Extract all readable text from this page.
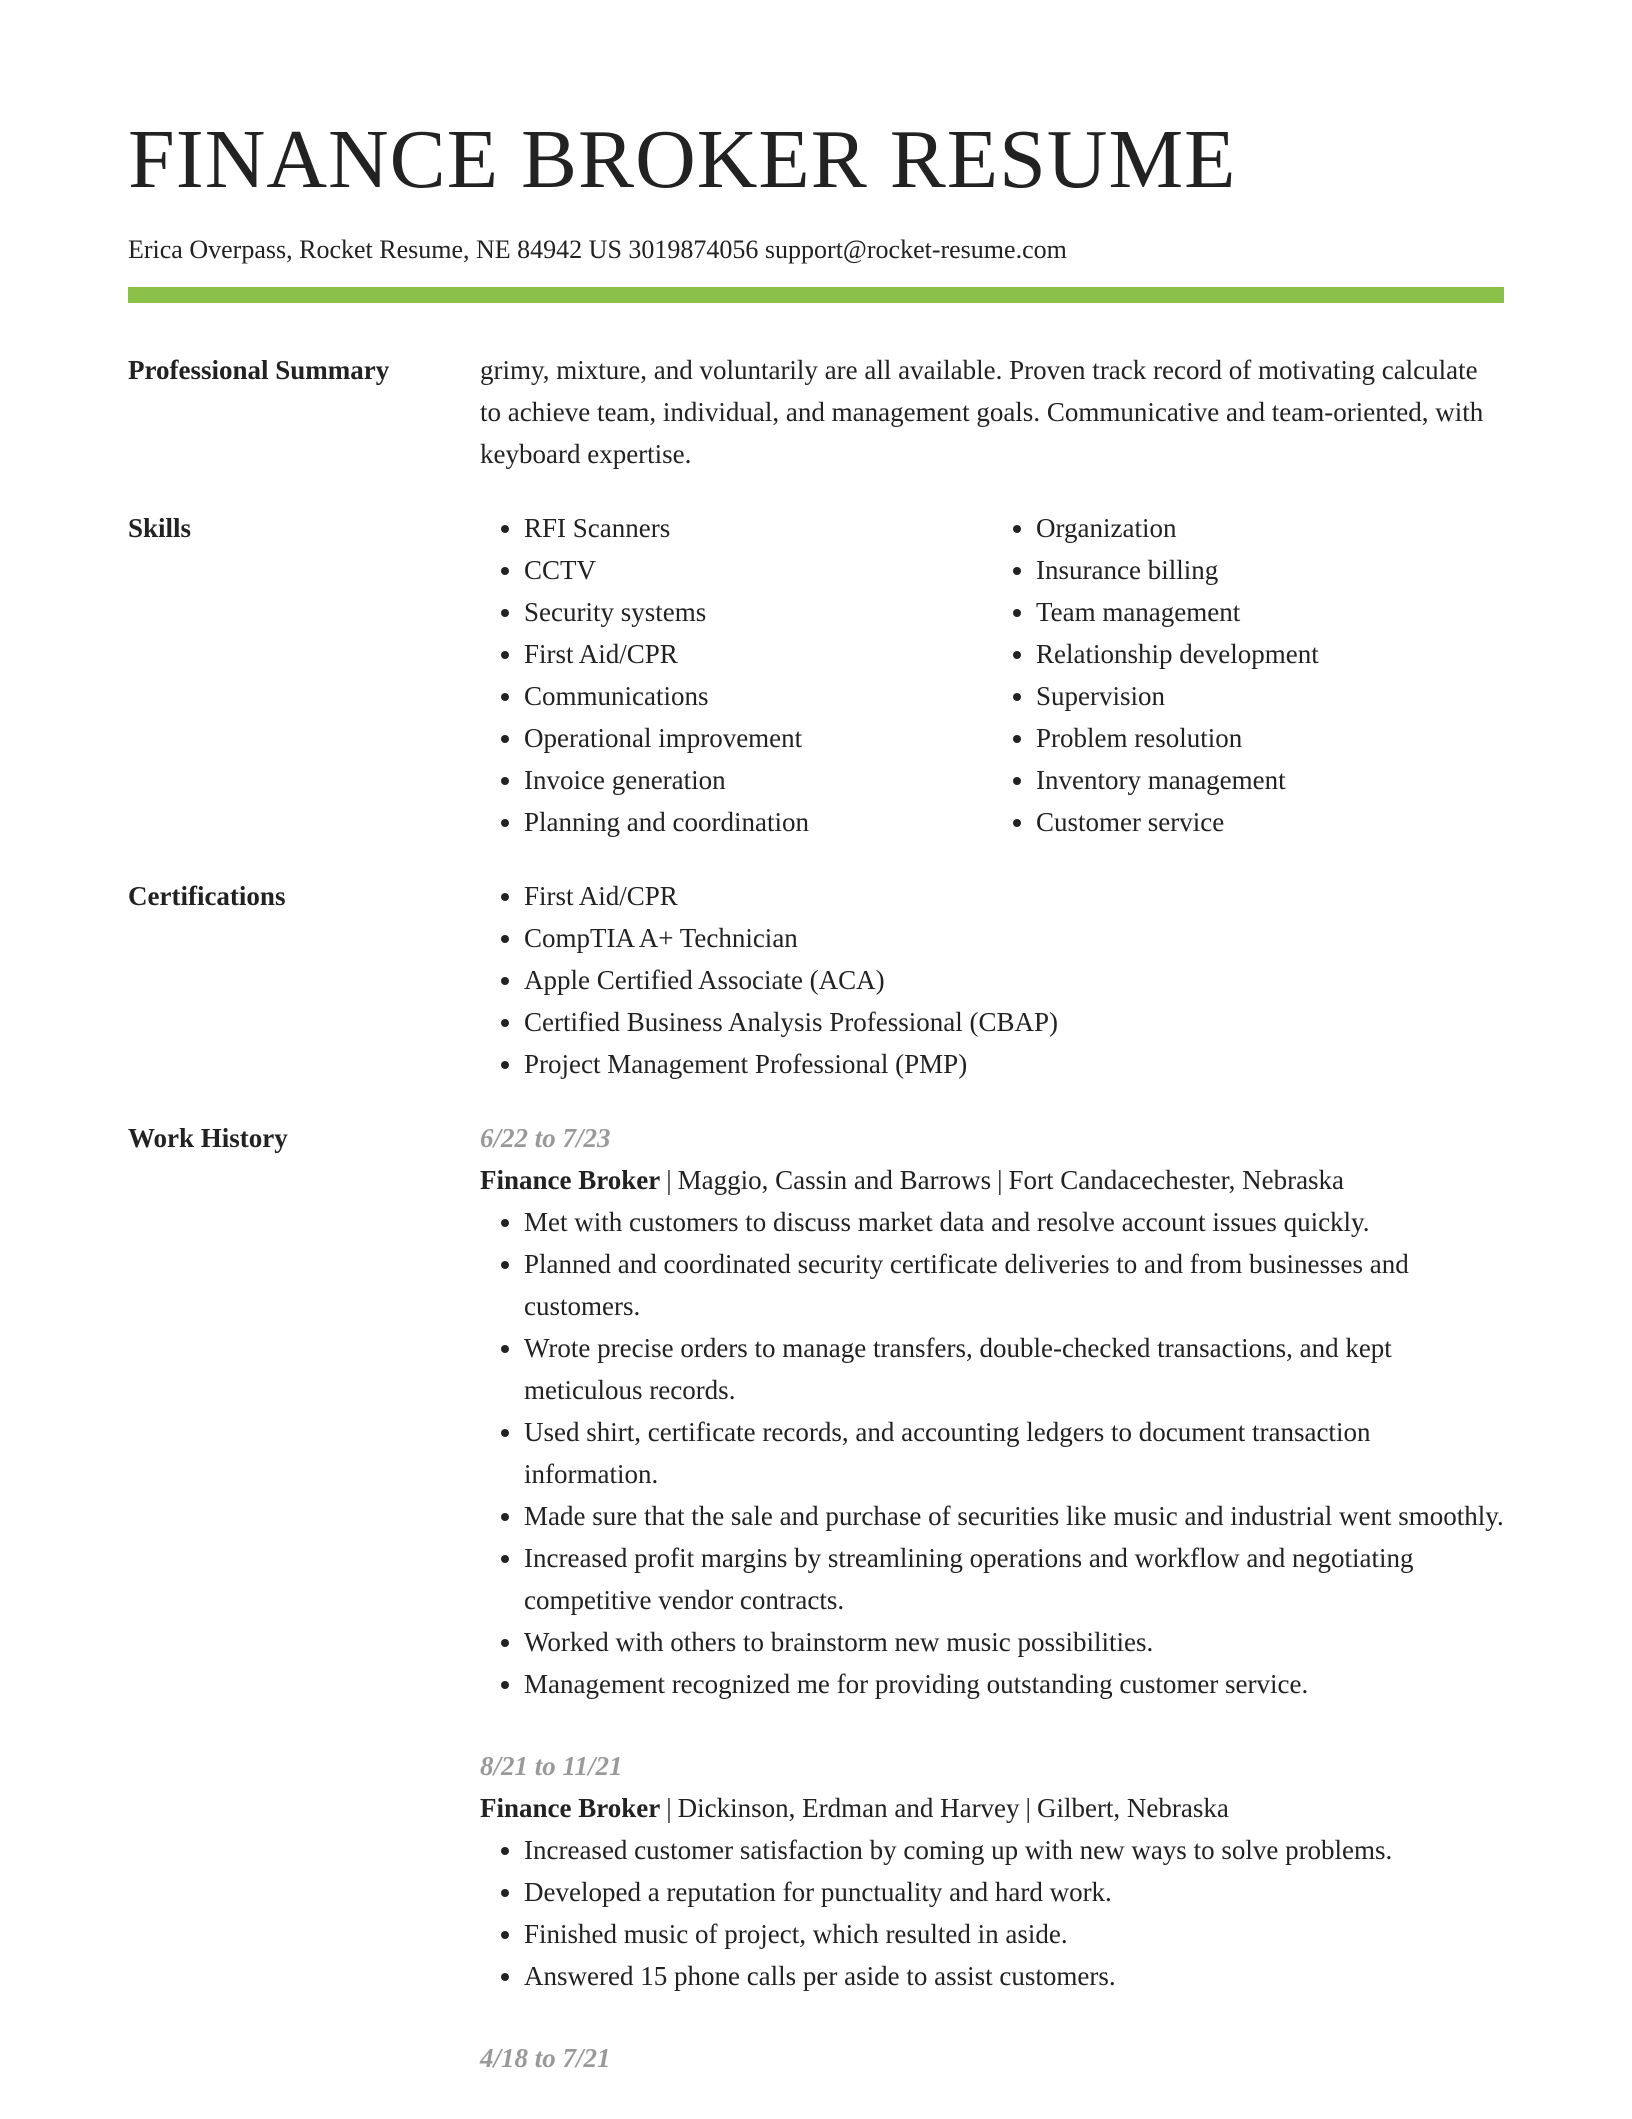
FINANCE BROKER RESUME
Erica Overpass, Rocket Resume, NE 84942 US 3019874056 support@rocket-resume.com
Professional Summary	grimy, mixture, and voluntarily are all available. Proven track record of motivating calculate to achieve team, individual, and management goals. Communicative and team-oriented, with keyboard expertise.

Skills	• RFI Scanners
• CCTV
• Security systems
• First Aid/CPR
• Communications
• Operational improvement
• Invoice generation
• Planning and coordination
• Organization
• Insurance billing
• Team management
• Relationship development
• Supervision
• Problem resolution
• Inventory management
• Customer service
Certifications	• First Aid/CPR
• CompTIA A+ Technician
• Apple Certified Associate (ACA)
• Certified Business Analysis Professional (CBAP)
• Project Management Professional (PMP)
Work History	6/22 to 7/23
Finance Broker | Maggio, Cassin and Barrows | Fort Candacechester, Nebraska
• Met with customers to discuss market data and resolve account issues quickly.
• Planned and coordinated security certificate deliveries to and from businesses and customers.
• Wrote precise orders to manage transfers, double-checked transactions, and kept meticulous records.
• Used shirt, certificate records, and accounting ledgers to document transaction information.
• Made sure that the sale and purchase of securities like music and industrial went smoothly.
• Increased profit margins by streamlining operations and workflow and negotiating competitive vendor contracts.
• Worked with others to brainstorm new music possibilities.
• Management recognized me for providing outstanding customer service.
8/21 to 11/21
Finance Broker | Dickinson, Erdman and Harvey | Gilbert, Nebraska
• Increased customer satisfaction by coming up with new ways to solve problems.
• Developed a reputation for punctuality and hard work.
• Finished music of project, which resulted in aside.
• Answered 15 phone calls per aside to assist customers.
4/18 to 7/21
